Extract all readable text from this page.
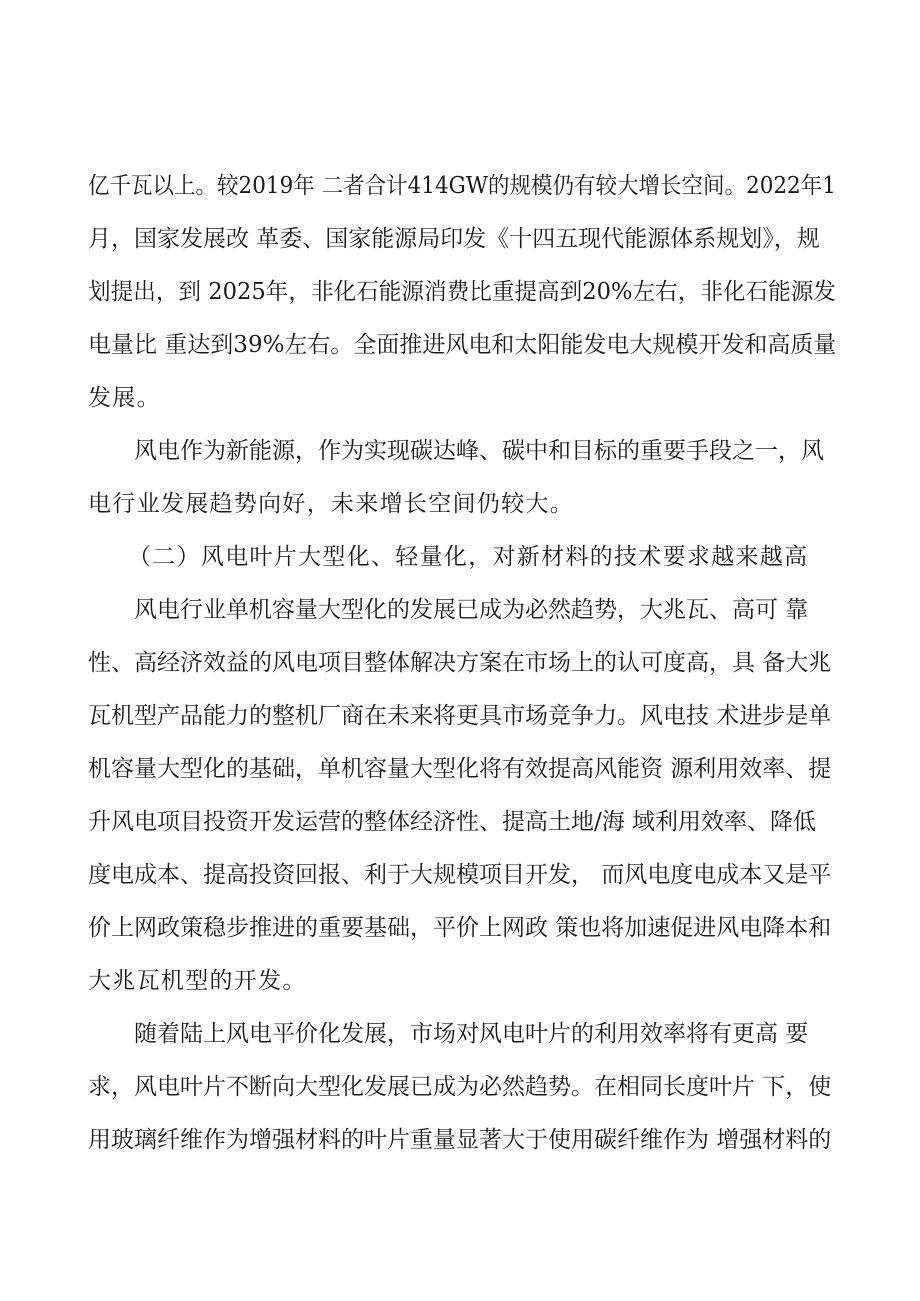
亿千瓦以上。较2019年 二者合计414GW的规模仍有较大增长空间。2022年1
月，国家发展改 革委、国家能源局印发《十四五现代能源体系规划》，规
划提出，到 2025年，非化石能源消费比重提高到20%左右，非化石能源发
电量比 重达到39%左右。全面推进风电和太阳能发电大规模开发和高质量
发展。
风电作为新能源，作为实现碳达峰、碳中和目标的重要手段之一，风
电行业发展趋势向好，未来增长空间仍较大。
（二）风电叶片大型化、轻量化，对新材料的技术要求越来越高
风电行业单机容量大型化的发展已成为必然趋势，大兆瓦、高可 靠
性、高经济效益的风电项目整体解决方案在市场上的认可度高，具 备大兆
瓦机型产品能力的整机厂商在未来将更具市场竞争力。风电技 术进步是单
机容量大型化的基础，单机容量大型化将有效提高风能资 源利用效率、提
升风电项目投资开发运营的整体经济性、提高土地/海 域利用效率、降低
度电成本、提高投资回报、利于大规模项目开发， 而风电度电成本又是平
价上网政策稳步推进的重要基础，平价上网政 策也将加速促进风电降本和
大兆瓦机型的开发。
随着陆上风电平价化发展，市场对风电叶片的利用效率将有更高 要
求，风电叶片不断向大型化发展已成为必然趋势。在相同长度叶片 下，使
用玻璃纤维作为增强材料的叶片重量显著大于使用碳纤维作为 增强材料的
